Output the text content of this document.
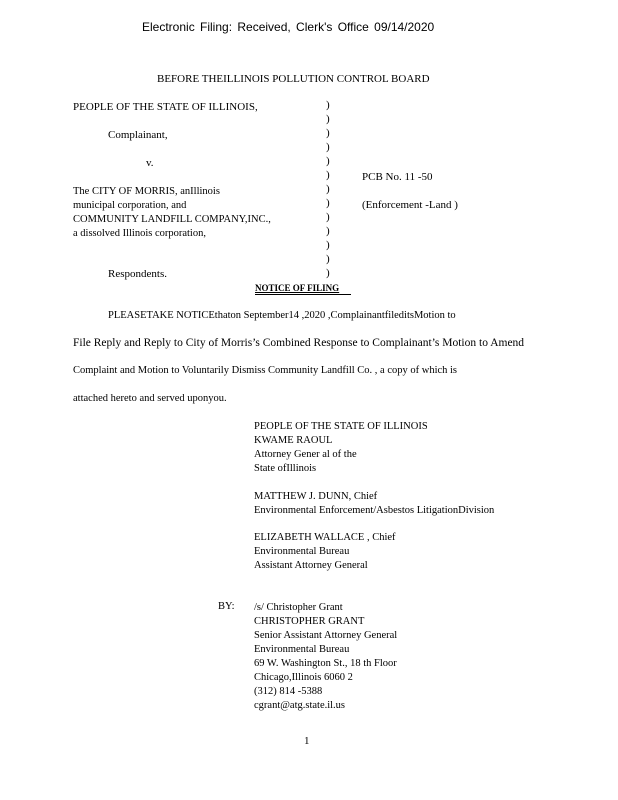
Electronic Filing: Received, Clerk's Office 09/14/2020
BEFORE THEILLINOIS POLLUTION CONTROL BOARD
PEOPLE OF THE STATE OF ILLINOIS,
Complainant,
v.
The CITY OF MORRIS, anIllinois
municipal corporation, and
COMMUNITY LANDFILL COMPANY,INC.,
a dissolved Illinois corporation,
Respondents.
)
)
)
)
)
)
)
)
)
)
)
)
)
PCB No. 11 -50
(Enforcement -Land )
NOTICE OF FILING
PLEASETAKE NOTICEthaton September14 ,2020 ,ComplainantfileditsMotion to
File Reply and Reply to City of Morris’s Combined Response to Complainant’s Motion to Amend
Complaint and Motion to Voluntarily Dismiss Community Landfill Co. , a copy of which is
attached hereto and served uponyou.
PEOPLE OF THE STATE OF ILLINOIS
KWAME RAOUL
Attorney Gener al of the
State ofIllinois
MATTHEW J. DUNN, Chief
Environmental Enforcement/Asbestos LitigationDivision
ELIZABETH WALLACE , Chief
Environmental Bureau
Assistant Attorney General
BY: /s/ Christopher Grant
CHRISTOPHER GRANT
Senior Assistant Attorney General
Environmental Bureau
69 W. Washington St., 18 th Floor
Chicago,Illinois 6060 2
(312) 814 -5388
cgrant@atg.state.il.us
1
